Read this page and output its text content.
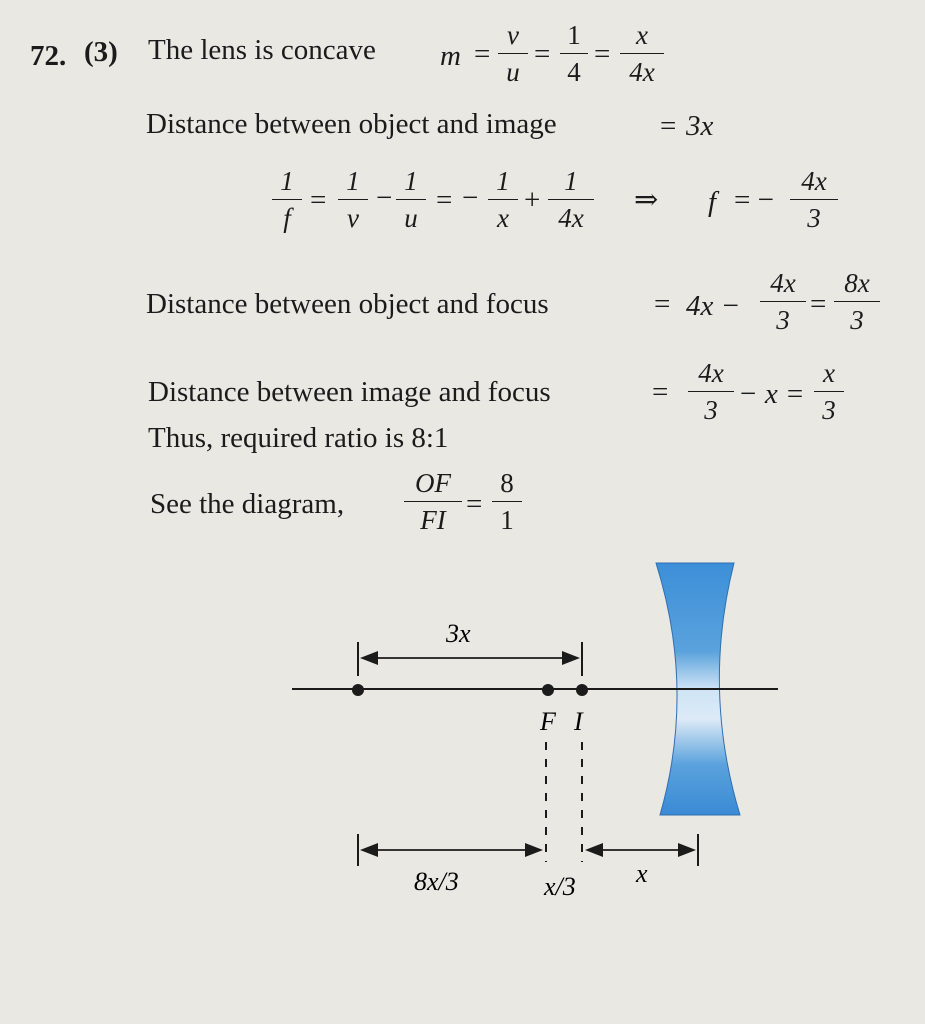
72. (3) The lens is concave m =
v
u
=
1
4
=
x
4x
Distance between object and image	= 3x
1
f
=
1
v
−
1
u
= −
1
x
+
1
4x
⇒ f = −
4x
3
Distance between object and focus	= 4x −
4x
3 =
8x
3
Distance between image and focus	=
4x
3 − x =
x
3
Thus, required ratio is 8:1
See the diagram,
OF
FI =
8
1
3x
F I
8x/3	x/3 x
